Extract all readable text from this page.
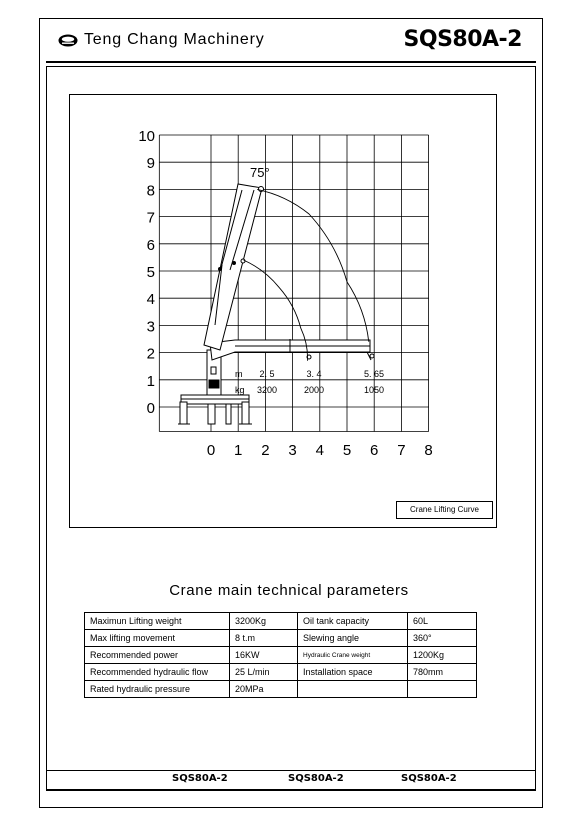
Teng Chang Machinery	SQS80A-2
0
1
2
3
4
5
6
7
8
9
10
0 1 2 3 4 5 6 7 8
75°
m
kg
2. 5
3200
3. 4
2000
5. 65
1050
Crane Lifting Curve
Crane main technical parameters
Maximun Lifting weight	3200Kg	Oil tank capacity	60L
Max lifting movement	8 t.m	Slewing angle	360°
Recommended power	16KW	Hydraulic Crane weight	1200Kg
Recommended hydraulic flow	25 L/min	Installation space	780mm
Rated hydraulic pressure	20MPa		
SQS80A-2	SQS80A-2	SQS80A-2
